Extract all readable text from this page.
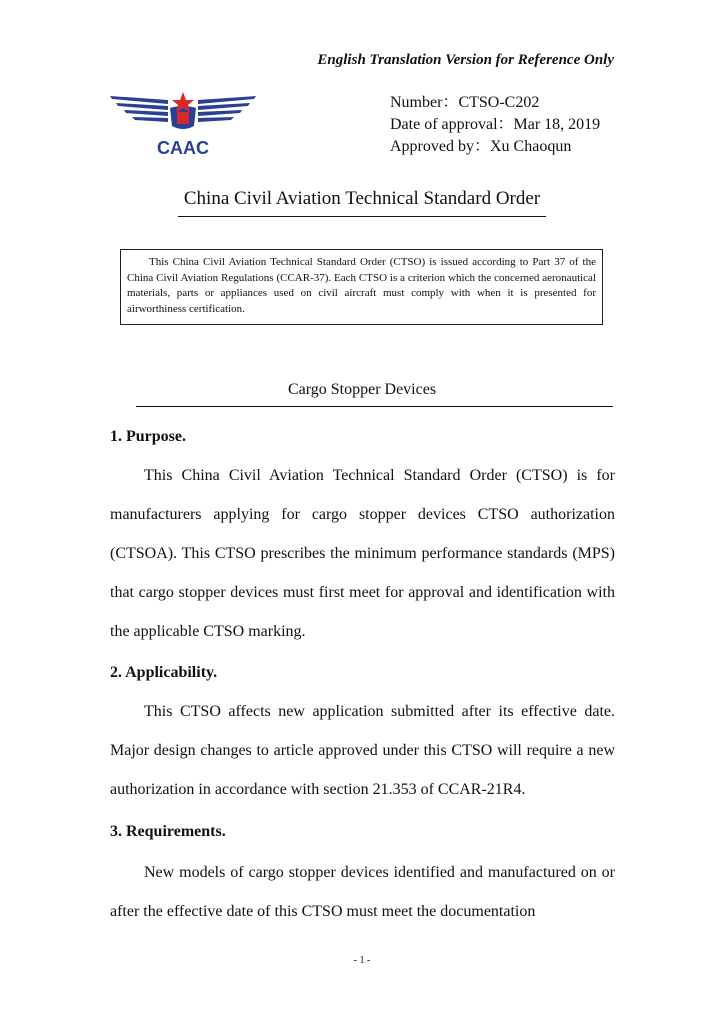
English Translation Version for Reference Only
CAAC
Number：CTSO-C202
Date of approval：Mar 18, 2019
Approved by：Xu Chaoqun
China Civil Aviation Technical Standard Order
This China Civil Aviation Technical Standard Order (CTSO) is issued according to Part 37 of the China Civil Aviation Regulations (CCAR-37). Each CTSO is a criterion which the concerned aeronautical materials, parts or appliances used on civil aircraft must comply with when it is presented for airworthiness certification.
Cargo Stopper Devices
1. Purpose.
This China Civil Aviation Technical Standard Order (CTSO) is for manufacturers applying for cargo stopper devices CTSO authorization (CTSOA). This CTSO prescribes the minimum performance standards (MPS) that cargo stopper devices must first meet for approval and identification with the applicable CTSO marking.
2. Applicability.
This CTSO affects new application submitted after its effective date. Major design changes to article approved under this CTSO will require a new authorization in accordance with section 21.353 of CCAR-21R4.
3. Requirements.
New models of cargo stopper devices identified and manufactured on or after the effective date of this CTSO must meet the documentation
- 1 -
